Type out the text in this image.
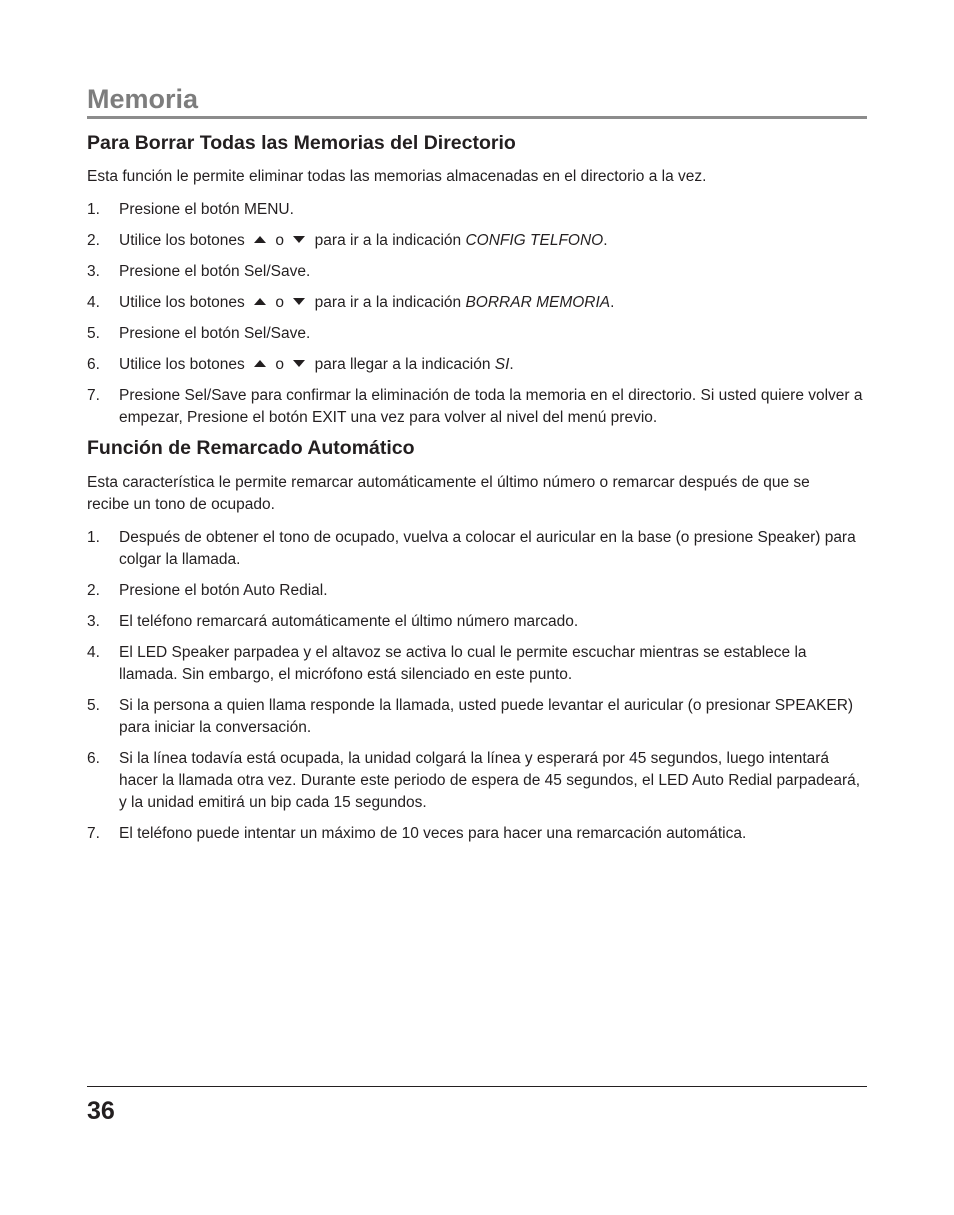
Memoria
Para Borrar Todas las Memorias del Directorio

Esta función le permite eliminar todas las memorias almacenadas en el directorio a la vez.

1. Presione el botón MENU.
2. Utilice los botones o para ir a la indicación CONFIG TELFONO.
3. Presione el botón Sel/Save.
4. Utilice los botones o para ir a la indicación BORRAR MEMORIA.
5. Presione el botón Sel/Save.
6. Utilice los botones o para llegar a la indicación SI.
7. Presione Sel/Save para confirmar la eliminación de toda la memoria en el directorio. Si usted quiere volver a empezar, Presione el botón EXIT una vez para volver al nivel del menú previo.
Función de Remarcado Automático

Esta característica le permite remarcar automáticamente el último número o remarcar después de que se recibe un tono de ocupado.

1. Después de obtener el tono de ocupado, vuelva a colocar el auricular en la base (o presione Speaker) para colgar la llamada.
2. Presione el botón Auto Redial.
3. El teléfono remarcará automáticamente el último número marcado.
4. El LED Speaker parpadea y el altavoz se activa lo cual le permite escuchar mientras se establece la llamada. Sin embargo, el micrófono está silenciado en este punto.
5. Si la persona a quien llama responde la llamada, usted puede levantar el auricular (o presionar SPEAKER) para iniciar la conversación.
6. Si la línea todavía está ocupada, la unidad colgará la línea y esperará por 45 segundos, luego intentará hacer la llamada otra vez. Durante este periodo de espera de 45 segundos, el LED Auto Redial parpadeará, y la unidad emitirá un bip cada 15 segundos.
7. El teléfono puede intentar un máximo de 10 veces para hacer una remarcación automática.
36
